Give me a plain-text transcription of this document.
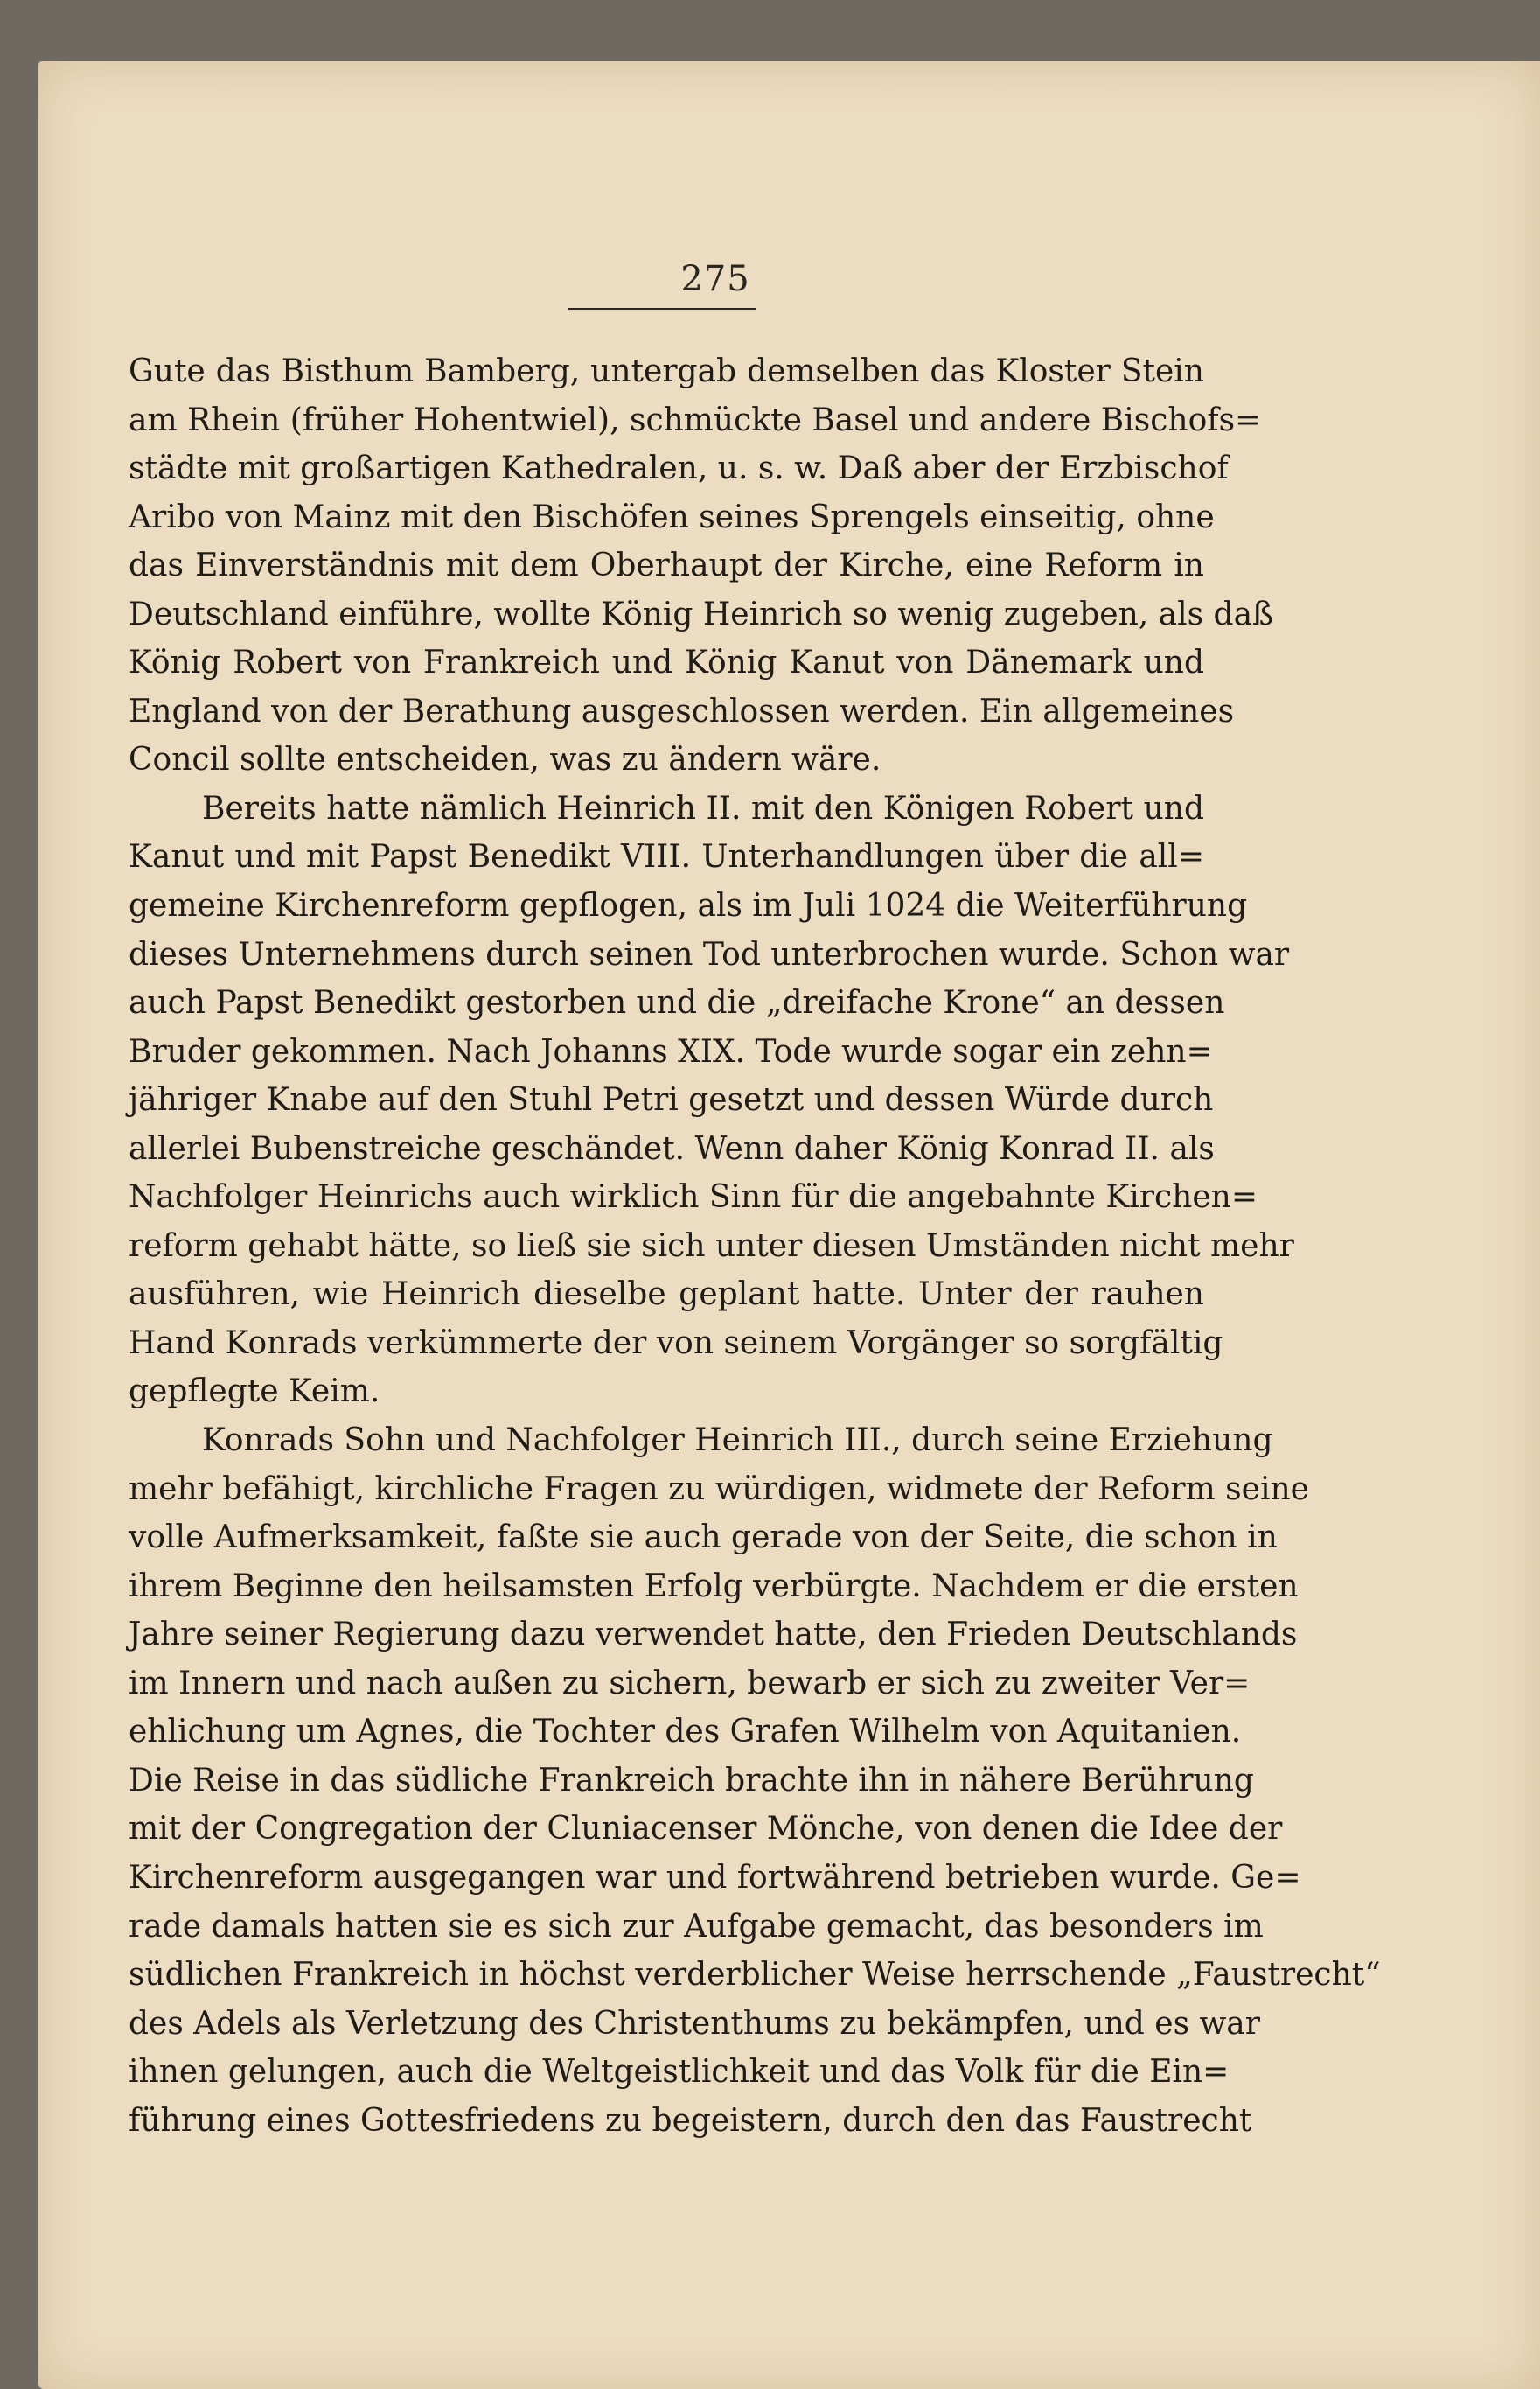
275
Gute das Bisthum Bamberg, untergab demselben das Kloster Stein
am Rhein (früher Hohentwiel), schmückte Basel und andere Bischofs=
städte mit großartigen Kathedralen, u. s. w. Daß aber der Erzbischof
Aribo von Mainz mit den Bischöfen seines Sprengels einseitig, ohne
das Einverständnis mit dem Oberhaupt der Kirche, eine Reform in
Deutschland einführe, wollte König Heinrich so wenig zugeben, als daß
König Robert von Frankreich und König Kanut von Dänemark und
England von der Berathung ausgeschlossen werden. Ein allgemeines
Concil sollte entscheiden, was zu ändern wäre.
Bereits hatte nämlich Heinrich II. mit den Königen Robert und
Kanut und mit Papst Benedikt VIII. Unterhandlungen über die all=
gemeine Kirchenreform gepflogen, als im Juli 1024 die Weiterführung
dieses Unternehmens durch seinen Tod unterbrochen wurde. Schon war
auch Papst Benedikt gestorben und die „dreifache Krone“ an dessen
Bruder gekommen. Nach Johanns XIX. Tode wurde sogar ein zehn=
jähriger Knabe auf den Stuhl Petri gesetzt und dessen Würde durch
allerlei Bubenstreiche geschändet. Wenn daher König Konrad II. als
Nachfolger Heinrichs auch wirklich Sinn für die angebahnte Kirchen=
reform gehabt hätte, so ließ sie sich unter diesen Umständen nicht mehr
ausführen, wie Heinrich dieselbe geplant hatte. Unter der rauhen
Hand Konrads verkümmerte der von seinem Vorgänger so sorgfältig
gepflegte Keim.
Konrads Sohn und Nachfolger Heinrich III., durch seine Erziehung
mehr befähigt, kirchliche Fragen zu würdigen, widmete der Reform seine
volle Aufmerksamkeit, faßte sie auch gerade von der Seite, die schon in
ihrem Beginne den heilsamsten Erfolg verbürgte. Nachdem er die ersten
Jahre seiner Regierung dazu verwendet hatte, den Frieden Deutschlands
im Innern und nach außen zu sichern, bewarb er sich zu zweiter Ver=
ehlichung um Agnes, die Tochter des Grafen Wilhelm von Aquitanien.
Die Reise in das südliche Frankreich brachte ihn in nähere Berührung
mit der Congregation der Cluniacenser Mönche, von denen die Idee der
Kirchenreform ausgegangen war und fortwährend betrieben wurde. Ge=
rade damals hatten sie es sich zur Aufgabe gemacht, das besonders im
südlichen Frankreich in höchst verderblicher Weise herrschende „Faustrecht“
des Adels als Verletzung des Christenthums zu bekämpfen, und es war
ihnen gelungen, auch die Weltgeistlichkeit und das Volk für die Ein=
führung eines Gottesfriedens zu begeistern, durch den das Faustrecht
